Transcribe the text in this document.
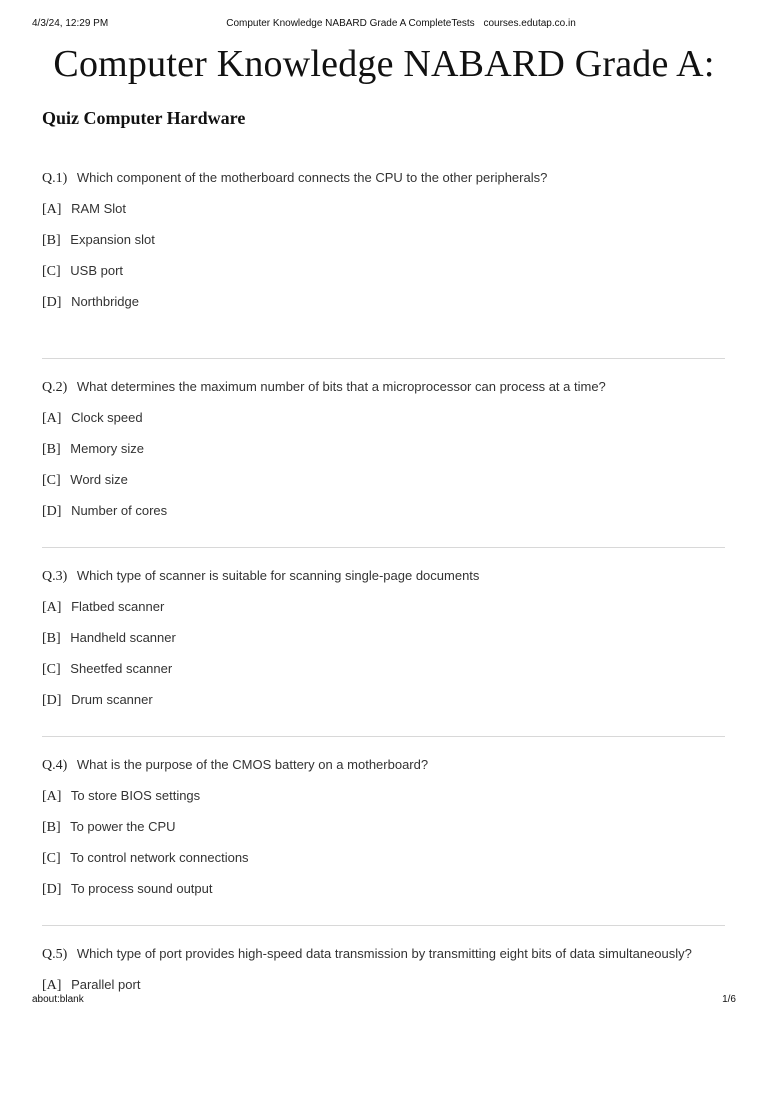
4/3/24, 12:29 PM	Computer Knowledge NABARD Grade A CompleteTests courses.edutap.co.in
Computer Knowledge NABARD Grade A:
Quiz Computer Hardware
Q.1) Which component of the motherboard connects the CPU to the other peripherals?
[A] RAM Slot
[B] Expansion slot
[C] USB port
[D] Northbridge
Q.2) What determines the maximum number of bits that a microprocessor can process at a time?
[A] Clock speed
[B] Memory size
[C] Word size
[D] Number of cores
Q.3) Which type of scanner is suitable for scanning single-page documents
[A] Flatbed scanner
[B] Handheld scanner
[C] Sheetfed scanner
[D] Drum scanner
Q.4) What is the purpose of the CMOS battery on a motherboard?
[A] To store BIOS settings
[B] To power the CPU
[C] To control network connections
[D] To process sound output
Q.5) Which type of port provides high-speed data transmission by transmitting eight bits of data simultaneously?
[A] Parallel port
about:blank	1/6
